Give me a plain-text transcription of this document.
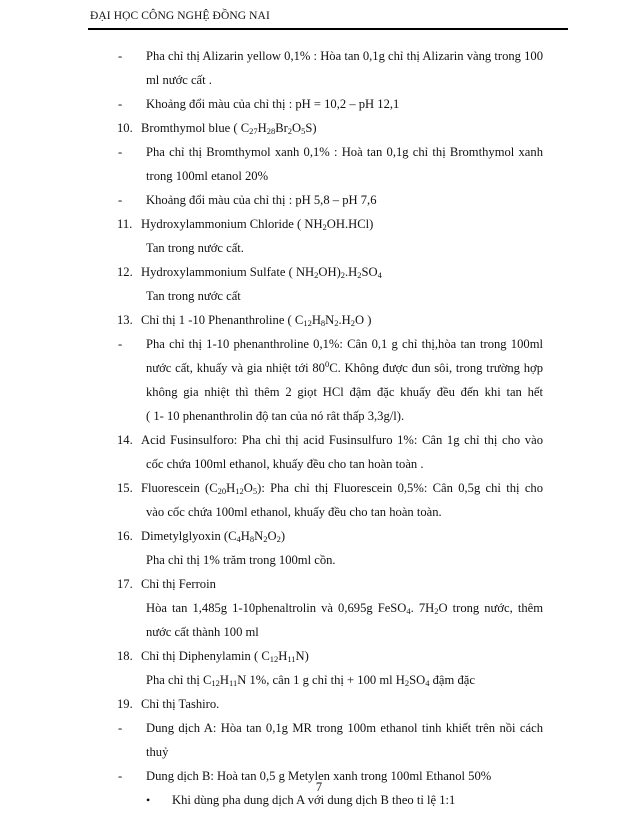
ĐẠI HỌC CÔNG NGHỆ ĐỒNG NAI
- Pha chỉ thị Alizarin yellow 0,1% : Hòa tan 0,1g chỉ thị Alizarin vàng trong 100
ml nước cất .
- Khoảng đổi màu của chỉ thị : pH = 10,2 – pH 12,1
10. Bromthymol blue ( $C_{27}H_{28}Br_2O_5S$)
- Pha chỉ thị Bromthymol xanh 0,1% : Hoà tan 0,1g chỉ thị Bromthymol xanh
trong 100ml etanol 20%
- Khoảng đổi màu của chỉ thị : pH 5,8 – pH 7,6
11. Hydroxylammonium Chloride ( $NH_2OH.HCl$)
Tan trong nước cất.
12. Hydroxylammonium Sulfate ( $NH_2OH)_2.H_2SO_4$
Tan trong nước cất
13. Chỉ thị 1 -10 Phenanthroline ( $C_{12}H_8N_2.H_2O$ )
- Pha chỉ thị 1-10 phenanthroline 0,1%: Cân 0,1 g chỉ thị,hòa tan trong 100ml
nước cất, khuấy và gia nhiệt tới $80^0C$. Không được đun sôi, trong trường hợp
không gia nhiệt thì thêm 2 giọt HCl đậm đặc khuấy đều đến khi tan hết
( 1- 10 phenanthrolin độ tan của nó rât thấp 3,3g/l).
14. Acid Fusinsulforo: Pha chỉ thị acid Fusinsulfuro 1%: Cân 1g chỉ thị cho vào
cốc chứa 100ml ethanol, khuấy đều cho tan hoàn toàn .
15. Fluorescein $(C_{20}H_{12}O_5)$: Pha chỉ thị Fluorescein 0,5%: Cân 0,5g chỉ thị cho
vào cốc chứa 100ml ethanol, khuấy đều cho tan hoàn toàn.
16. Dimetylglyoxin $(C_4H_8N_2O_2)$
Pha chỉ thị 1% trăm trong 100ml cồn.
17. Chỉ thị Ferroin
Hòa tan 1,485g 1-10phenaltrolin và 0,695g FeSO$_4$. $7H_2O$ trong nước, thêm
nước cất thành 100 ml
18. Chỉ thị Diphenylamin ( $C_{12}H_{11}N$)
Pha chỉ thị $C_{12}H_{11}N$ 1%, cân 1 g chỉ thị + 100 ml $H_2SO_4$ đậm đặc
19. Chỉ thị Tashiro.
- Dung dịch A: Hòa tan 0,1g MR trong 100m ethanol tinh khiết trên nồi cách
thuỷ
- Dung dịch B: Hoà tan 0,5 g Metylen xanh trong 100ml Ethanol 50%
• Khi dùng pha dung dịch A với dung dịch B theo tỉ lệ 1:1
7
